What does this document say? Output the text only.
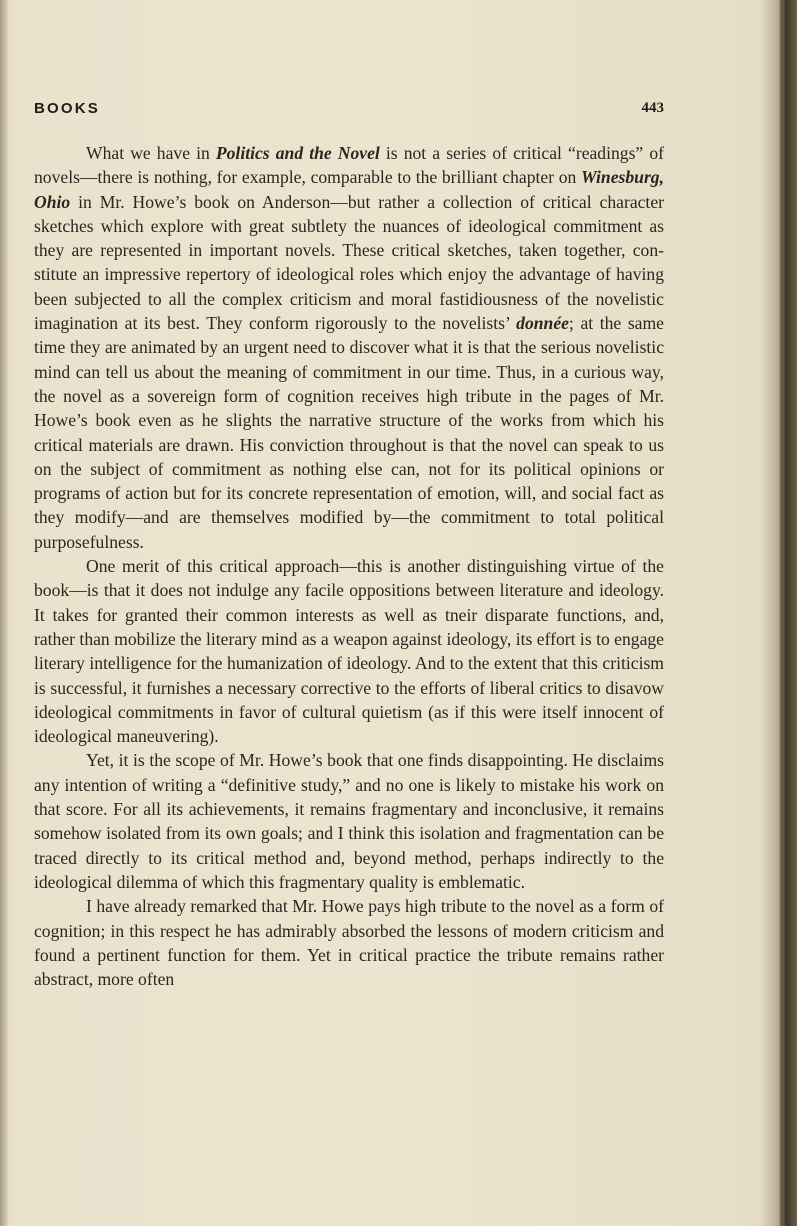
BOOKS	443

What we have in Politics and the Novel is not a series of critical “readings” of novels—there is nothing, for example, comparable to the brilliant chapter on Winesburg, Ohio in Mr. Howe’s book on Anderson—but rather a collection of critical character sketches which explore with great subtlety the nuances of ideological commitment as they are represented in important novels. These critical sketches, taken together, constitute an impressive repertory of ideological roles which enjoy the advantage of having been subjected to all the complex criticism and moral fastidiousness of the novelistic imagination at its best. They conform rigorously to the novelists’ donnée; at the same time they are animated by an urgent need to discover what it is that the serious novelistic mind can tell us about the meaning of commitment in our time. Thus, in a curious way, the novel as a sovereign form of cognition receives high tribute in the pages of Mr. Howe’s book even as he slights the narrative structure of the works from which his critical materials are drawn. His conviction throughout is that the novel can speak to us on the subject of commitment as nothing else can, not for its political opinions or programs of action but for its concrete representation of emotion, will, and social fact as they modify—and are themselves modified by—the commitment to total political purposefulness.

One merit of this critical approach—this is another distinguishing virtue of the book—is that it does not indulge any facile oppositions between literature and ideology. It takes for granted their common interests as well as tneir disparate functions, and, rather than mobilize the literary mind as a weapon against ideology, its effort is to engage literary intelligence for the humanization of ideology. And to the extent that this criticism is successful, it furnishes a necessary corrective to the efforts of liberal critics to disavow ideological commitments in favor of cultural quietism (as if this were itself innocent of ideological maneuvering).

Yet, it is the scope of Mr. Howe’s book that one finds disappointing. He disclaims any intention of writing a “definitive study,” and no one is likely to mistake his work on that score. For all its achievements, it remains fragmentary and inconclusive, it remains somehow isolated from its own goals; and I think this isolation and fragmentation can be traced directly to its critical method and, beyond method, perhaps indirectly to the ideological dilemma of which this fragmentary quality is emblematic.

I have already remarked that Mr. Howe pays high tribute to the novel as a form of cognition; in this respect he has admirably absorbed the lessons of modern criticism and found a pertinent function for them. Yet in critical practice the tribute remains rather abstract, more often
